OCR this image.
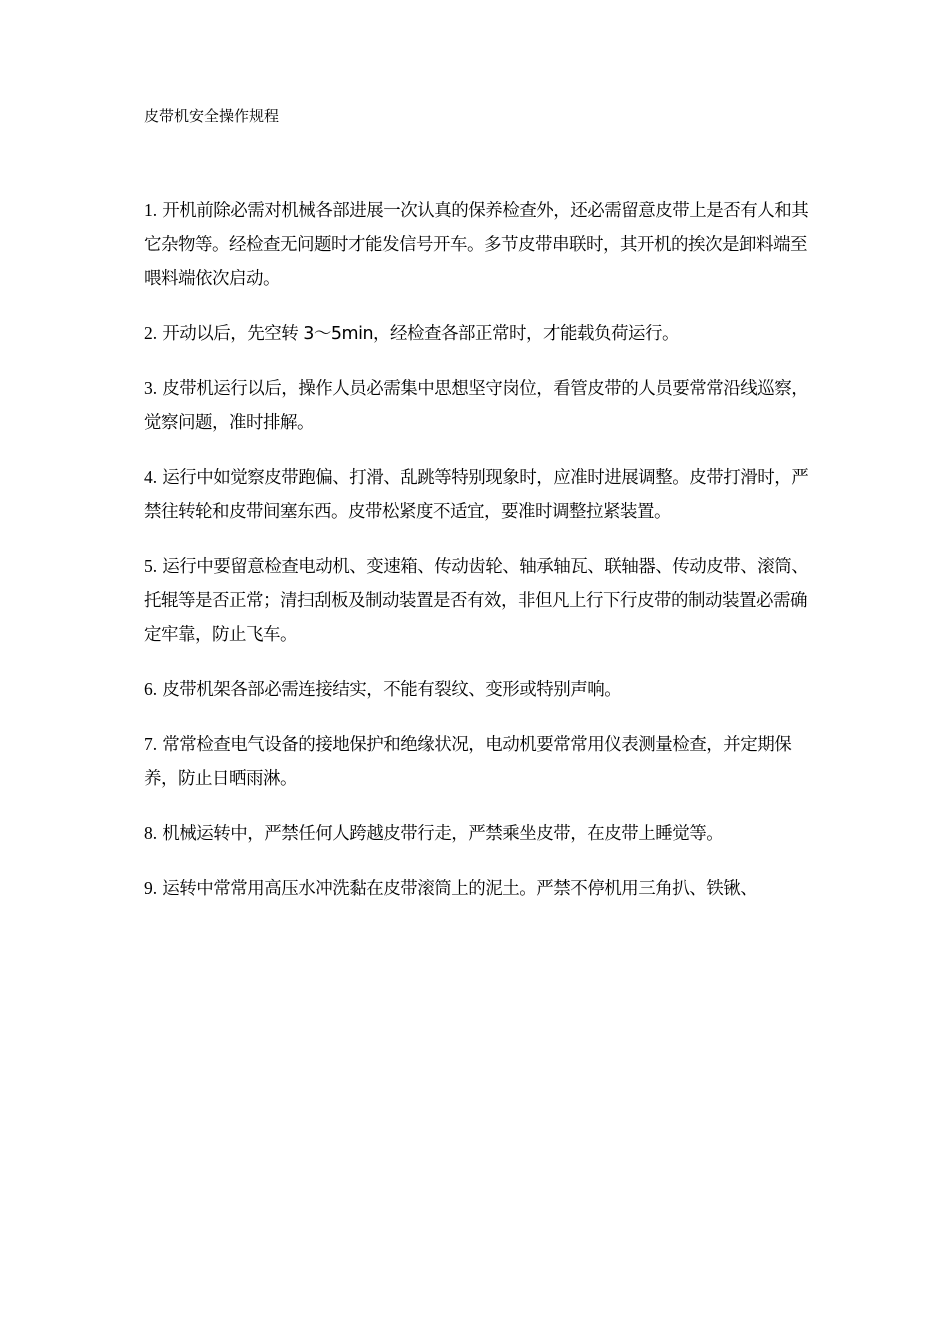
皮带机安全操作规程

1. 开机前除必需对机械各部进展一次认真的保养检查外，还必需留意皮带上是否有人和其它杂物等。经检查无问题时才能发信号开车。多节皮带串联时，其开机的挨次是卸料端至喂料端依次启动。

2. 开动以后，先空转 3～5min，经检查各部正常时，才能载负荷运行。

3. 皮带机运行以后，操作人员必需集中思想坚守岗位，看管皮带的人员要常常沿线巡察，觉察问题，准时排解。

4. 运行中如觉察皮带跑偏、打滑、乱跳等特别现象时，应准时进展调整。皮带打滑时，严禁往转轮和皮带间塞东西。皮带松紧度不适宜，要准时调整拉紧装置。

5. 运行中要留意检查电动机、变速箱、传动齿轮、轴承轴瓦、联轴器、传动皮带、滚筒、托辊等是否正常；清扫刮板及制动装置是否有效，非但凡上行下行皮带的制动装置必需确定牢靠，防止飞车。

6. 皮带机架各部必需连接结实，不能有裂纹、变形或特别声响。

7. 常常检查电气设备的接地保护和绝缘状况，电动机要常常用仪表测量检查，并定期保养，防止日晒雨淋。

8. 机械运转中，严禁任何人跨越皮带行走，严禁乘坐皮带，在皮带上睡觉等。

9. 运转中常常用高压水冲洗黏在皮带滚筒上的泥土。严禁不停机用三角扒、铁锹、
